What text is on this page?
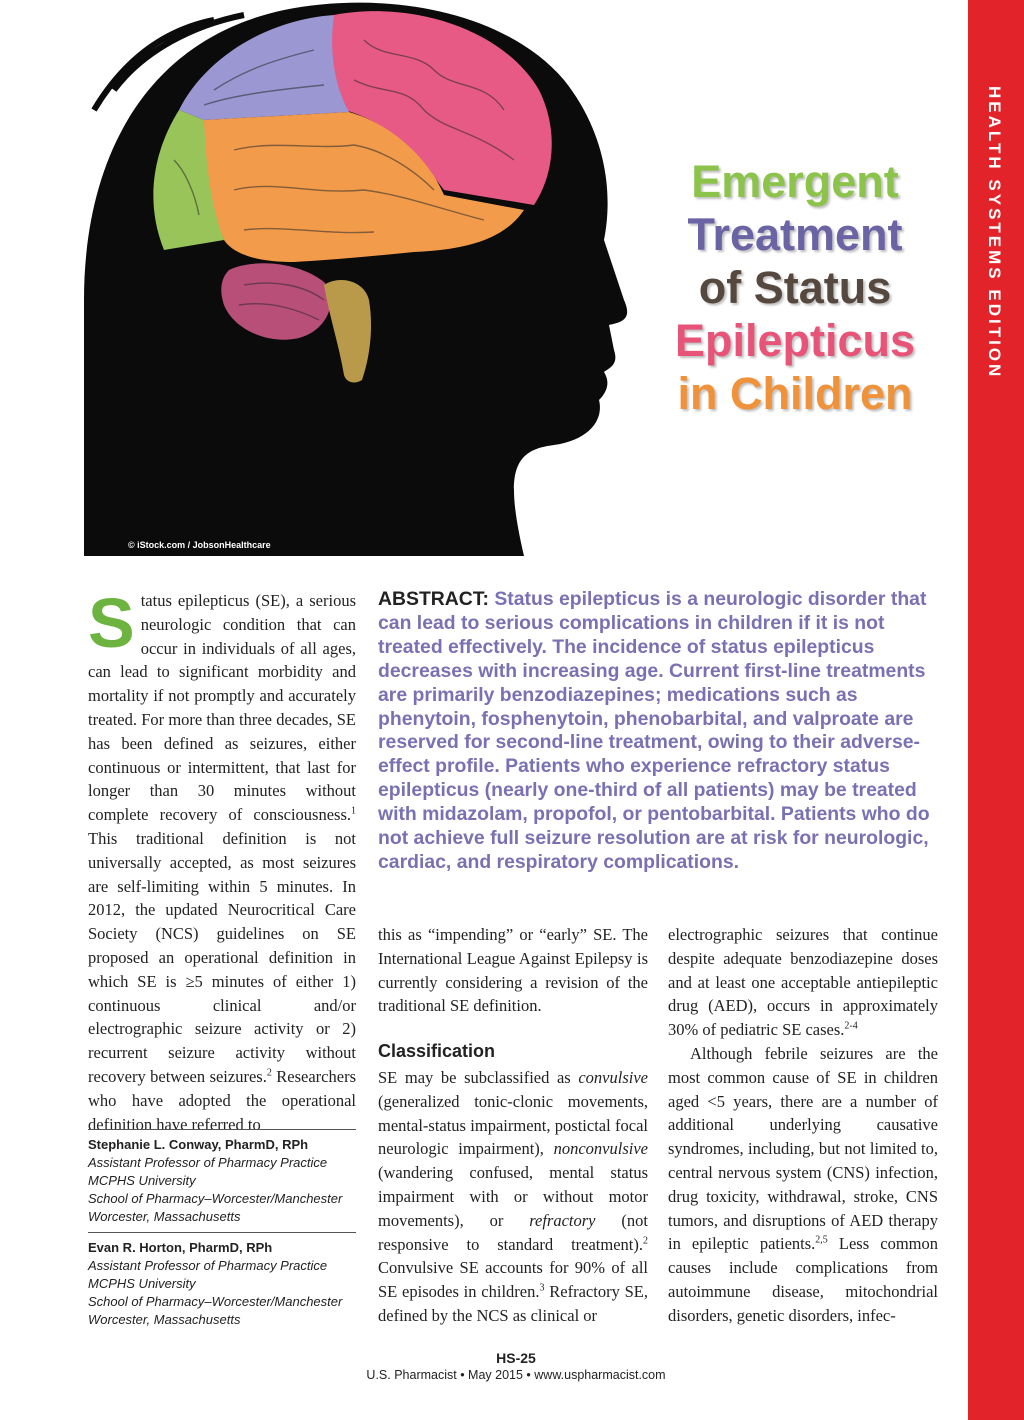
HEALTH SYSTEMS EDITION
© iStock.com / JobsonHealthcare
Emergent
Treatment
of Status
Epilepticus
in Children

Status epilepticus (SE), a serious neurologic condition that can occur in individuals of all ages, can lead to significant morbidity and mortality if not promptly and accurately treated. For more than three decades, SE has been defined as seizures, either continuous or intermittent, that last for longer than 30 minutes without complete recovery of consciousness.$^1$ This traditional definition is not universally accepted, as most seizures are self-limiting within 5 minutes. In 2012, the updated Neurocritical Care Society (NCS) guidelines on SE proposed an operational definition in which SE is ≥5 minutes of either 1) continuous clinical and/or electrographic seizure activity or 2) recurrent seizure activity without recovery between seizures.$^2$ Researchers who have adopted the operational definition have referred to

ABSTRACT: Status epilepticus is a neurologic disorder that can lead to serious complications in children if it is not treated effectively. The incidence of status epilepticus decreases with increasing age. Current first-line treatments are primarily benzodiazepines; medications such as phenytoin, fosphenytoin, phenobarbital, and valproate are reserved for second-line treatment, owing to their adverse-effect profile. Patients who experience refractory status epilepticus (nearly one-third of all patients) may be treated with midazolam, propofol, or pentobarbital. Patients who do not achieve full seizure resolution are at risk for neurologic, cardiac, and respiratory complications.

this as “impending” or “early” SE. The International League Against Epilepsy is currently considering a revision of the traditional SE definition.

Classification

SE may be subclassified as convulsive (generalized tonic-clonic movements, mental-status impairment, postictal focal neurologic impairment), nonconvulsive (wandering confused, mental status impairment with or without motor movements), or refractory (not responsive to standard treatment).$^2$ Convulsive SE accounts for 90% of all SE episodes in children.$^3$ Refractory SE, defined by the NCS as clinical or

electrographic seizures that continue despite adequate benzodiazepine doses and at least one acceptable antiepileptic drug (AED), occurs in approximately 30% of pediatric SE cases.$^{2-4}$

Although febrile seizures are the most common cause of SE in children aged <5 years, there are a number of additional underlying causative syndromes, including, but not limited to, central nervous system (CNS) infection, drug toxicity, withdrawal, stroke, CNS tumors, and disruptions of AED therapy in epileptic patients.$^{2,5}$ Less common causes include complications from autoimmune disease, mitochondrial disorders, genetic disorders, infec-

Stephanie L. Conway, PharmD, RPh
Assistant Professor of Pharmacy Practice
MCPHS University
School of Pharmacy–Worcester/Manchester
Worcester, Massachusetts
Evan R. Horton, PharmD, RPh
Assistant Professor of Pharmacy Practice
MCPHS University
School of Pharmacy–Worcester/Manchester
Worcester, Massachusetts
HS-25
U.S. Pharmacist • May 2015 • www.uspharmacist.com
